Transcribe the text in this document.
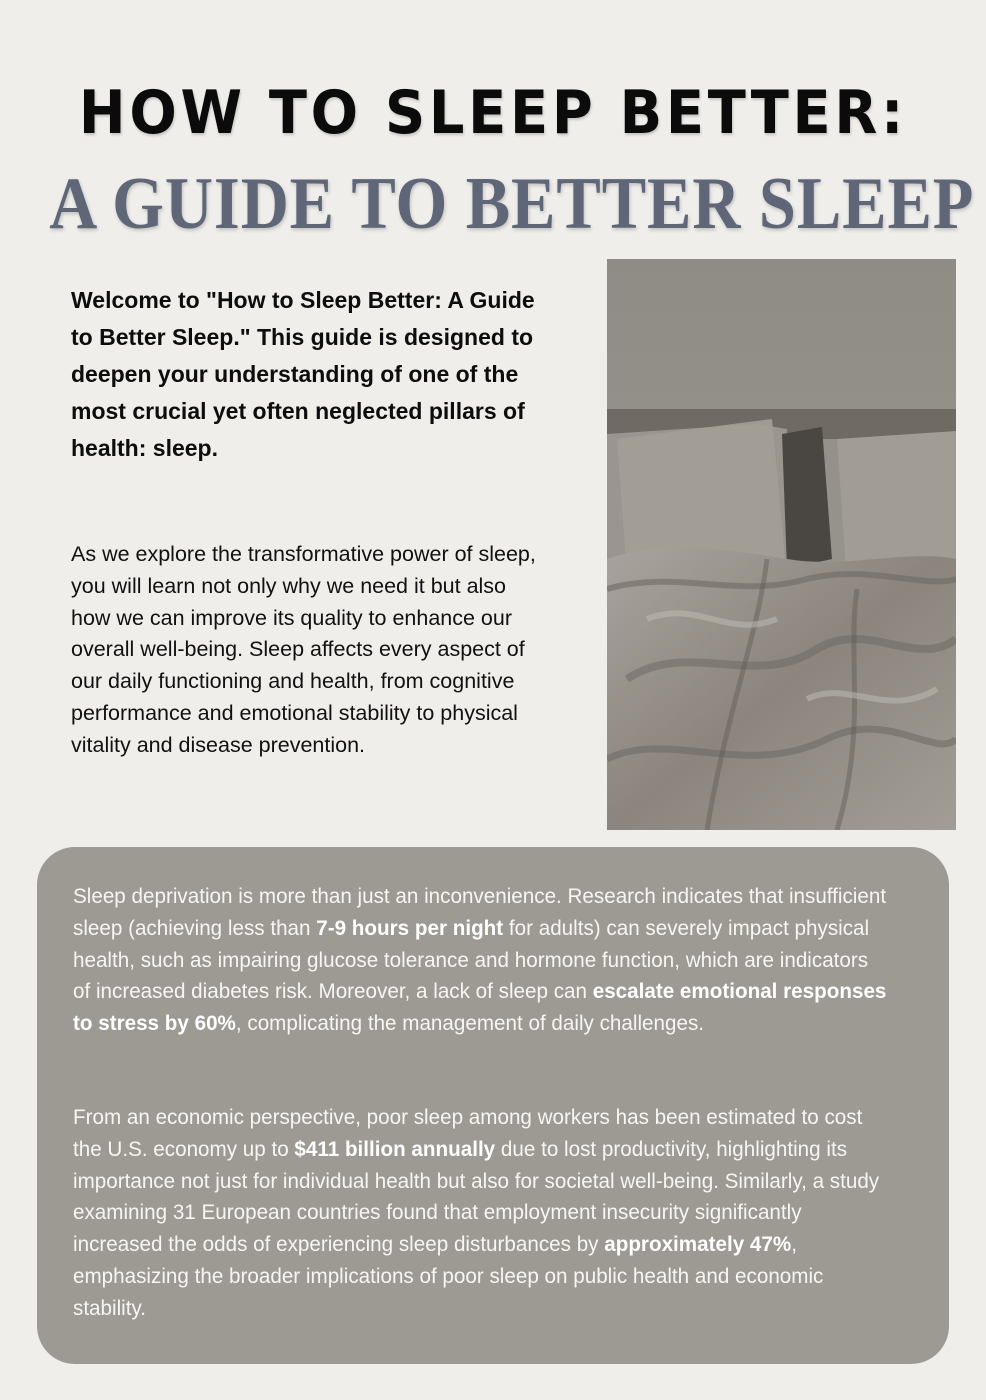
HOW TO SLEEP BETTER:
A GUIDE TO BETTER SLEEP
Welcome to "How to Sleep Better: A Guide to Better Sleep." This guide is designed to deepen your understanding of one of the most crucial yet often neglected pillars of health: sleep.
As we explore the transformative power of sleep, you will learn not only why we need it but also how we can improve its quality to enhance our overall well-being. Sleep affects every aspect of our daily functioning and health, from cognitive performance and emotional stability to physical vitality and disease prevention.

Sleep deprivation is more than just an inconvenience. Research indicates that insufficient sleep (achieving less than 7-9 hours per night for adults) can severely impact physical health, such as impairing glucose tolerance and hormone function, which are indicators of increased diabetes risk. Moreover, a lack of sleep can escalate emotional responses to stress by 60%, complicating the management of daily challenges.

From an economic perspective, poor sleep among workers has been estimated to cost the U.S. economy up to $411 billion annually due to lost productivity, highlighting its importance not just for individual health but also for societal well-being. Similarly, a study examining 31 European countries found that employment insecurity significantly increased the odds of experiencing sleep disturbances by approximately 47%, emphasizing the broader implications of poor sleep on public health and economic stability.
